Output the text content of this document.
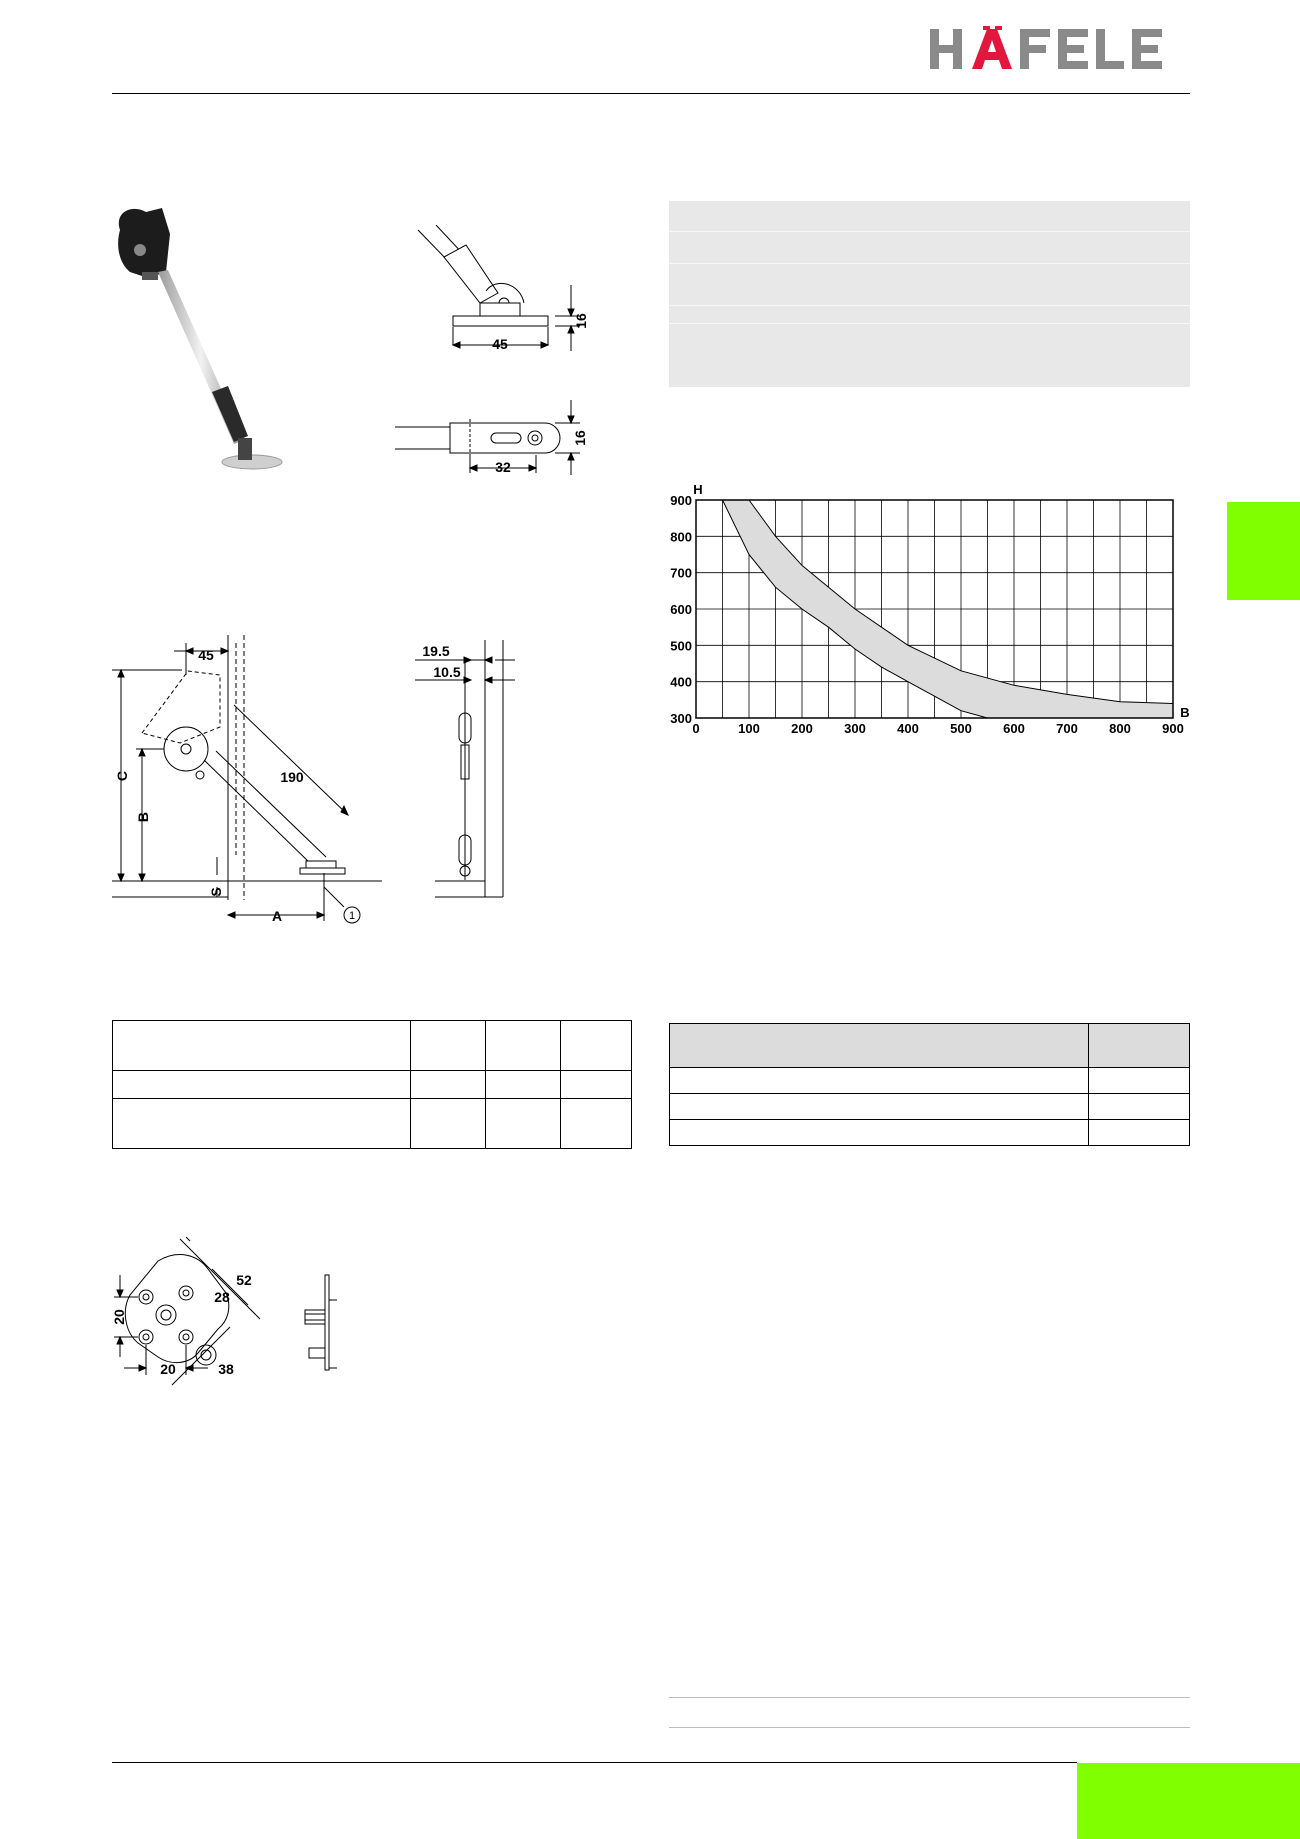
45
16
32
16
0	100 200 300 400 500 600 700 800 900
300
400
500
600
700
800
900
H
B
45
190
C
B
S
A	1
19.5
10.5

52
28
20
20	38
